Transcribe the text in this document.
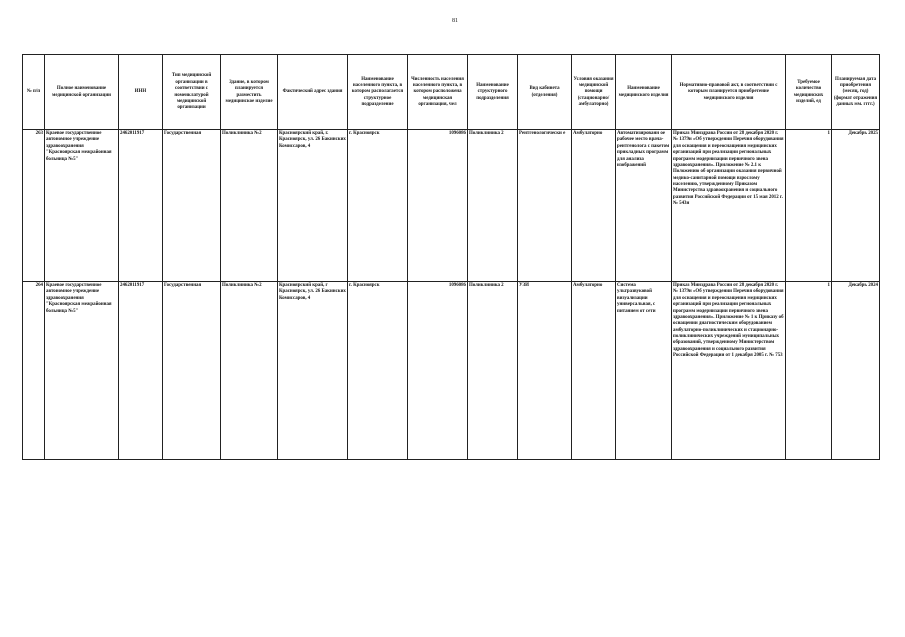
81
№ п/п	Полное наименование медицинской организации	ИНН	Тип медицинской организации в соответствии с номенклатурой медицинской организации	Здание, в котором планируется разместить медицинское изделие	Фактический адрес здания	Наименование населенного пункта, в котором располагается структурное подразделение	Численность населения населенного пункта, в котором расположена медицинская организация, чел	Наименование структурного подразделения	Вид кабинета (отделения)	Условия оказания медицинской помощи (стационарно/ амбулаторно)	Наименование медицинского изделия	Нормативно-правовой акт, в соответствии с которым планируется приобретение медицинского изделия	Требуемое количество медицинских изделий, ед	Планируемая дата приобретения (месяц, год) (формат отражения данных мм. гггг.)
263	Краевое государственное автономное учреждение здравоохранения "Красноярская межрайонная больница №5"	2462011917	Государственная	Поликлиника №2	Красноярский край, г. Красноярск, ул. 26 Бакинских Комиссаров, 4	г. Красноярск	1096086	Поликлиника 2	Рентгенологически е	Амбулаторно	Автоматизированн ое рабочее место врача-рентгенолога с пакетом прикладных программ для анализа изображений	Приказ Минздрава России от 28 декабря 2020 г. № 1379н «Об утверждении Перечня оборудования для оснащения и переоснащения медицинских организаций при реализации региональных программ модернизации первичного звена здравоохранения». Приложение № 2.1 к Положению об организации оказания первичной медико-санитарной помощи взрослому населению, утвержденному Приказом Министерства здравоохранения и социального развития Российской Федерации от 15 мая 2012 г. № 543н	1	Декабрь 2025
264	Краевое государственное автономное учреждение здравоохранения "Красноярская межрайонная больница №5"	2462011917	Государственная	Поликлиника №2	Красноярский край, г Красноярск, ул. 26 Бакинских Комиссаров, 4	г. Красноярск	1096086	Поликлиника 2	УЗИ	Амбулаторно	Система ультразвуковой визуализации универсальная, с питанием от сети	Приказ Минздрава России от 28 декабря 2020 г. № 1379н «Об утверждении Перечня оборудования для оснащения и переоснащения медицинских организаций при реализации региональных программ модернизации первичного звена здравоохранения». Приложение № 1 к Приказу об оснащении диагностическим оборудованием амбулаторно-поликлинических и стационарно-поликлинических учреждений муниципальных образований, утвержденному Министерством здравоохранения и социального развития Российской Федерации от 1 декабря 2005 г. № 753	1	Декабрь 2024
